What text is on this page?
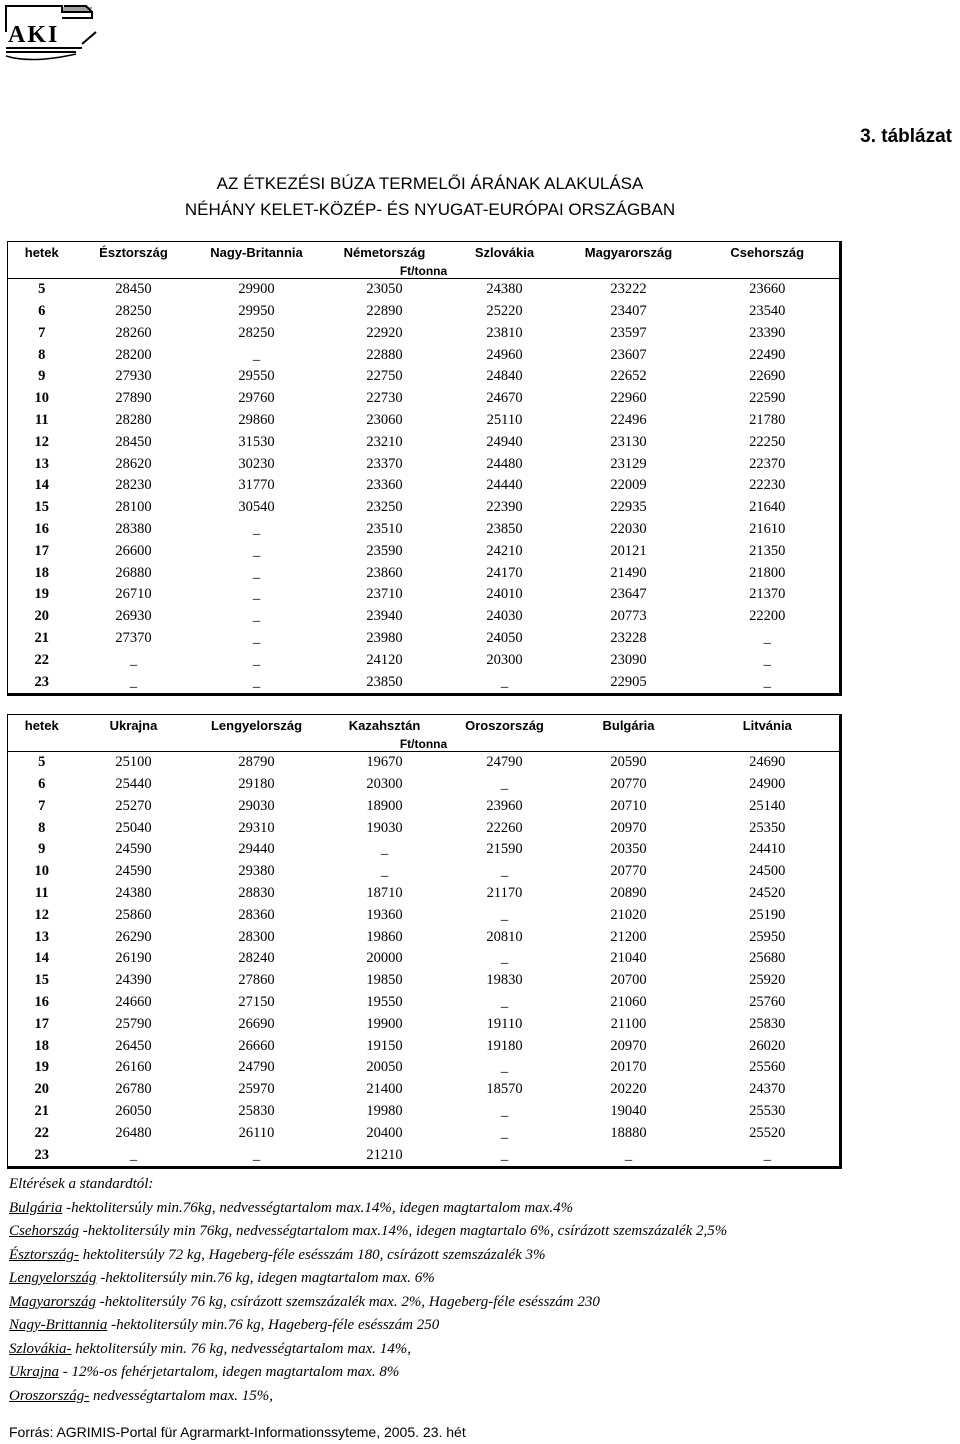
AKI
3. táblázat
AZ ÉTKEZÉSI BÚZA TERMELŐI ÁRÁNAK ALAKULÁSA
NÉHÁNY KELET-KÖZÉP- ÉS NYUGAT-EURÓPAI ORSZÁGBAN
hetek	Észtország	Nagy-Britannia	Németország	Szlovákia	Magyarország	Csehország
Ft/tonna						
5	28450	29900	23050	24380	23222	23660
6	28250	29950	22890	25220	23407	23540
7	28260	28250	22920	23810	23597	23390
8	28200	_	22880	24960	23607	22490
9	27930	29550	22750	24840	22652	22690
10	27890	29760	22730	24670	22960	22590
11	28280	29860	23060	25110	22496	21780
12	28450	31530	23210	24940	23130	22250
13	28620	30230	23370	24480	23129	22370
14	28230	31770	23360	24440	22009	22230
15	28100	30540	23250	22390	22935	21640
16	28380	_	23510	23850	22030	21610
17	26600	_	23590	24210	20121	21350
18	26880	_	23860	24170	21490	21800
19	26710	_	23710	24010	23647	21370
20	26930	_	23940	24030	20773	22200
21	27370	_	23980	24050	23228	_
22	_	_	24120	20300	23090	_
23	_	_	23850	_	22905	_
hetek	Ukrajna	Lengyelország	Kazahsztán	Oroszország	Bulgária	Litvánia
Ft/tonna						
5	25100	28790	19670	24790	20590	24690
6	25440	29180	20300	_	20770	24900
7	25270	29030	18900	23960	20710	25140
8	25040	29310	19030	22260	20970	25350
9	24590	29440	_	21590	20350	24410
10	24590	29380	_	_	20770	24500
11	24380	28830	18710	21170	20890	24520
12	25860	28360	19360	_	21020	25190
13	26290	28300	19860	20810	21200	25950
14	26190	28240	20000	_	21040	25680
15	24390	27860	19850	19830	20700	25920
16	24660	27150	19550	_	21060	25760
17	25790	26690	19900	19110	21100	25830
18	26450	26660	19150	19180	20970	26020
19	26160	24790	20050	_	20170	25560
20	26780	25970	21400	18570	20220	24370
21	26050	25830	19980	_	19040	25530
22	26480	26110	20400	_	18880	25520
23	_	_	21210	_	_	_
Eltérések a standardtól:
Bulgária -hektolitersúly min.76kg, nedvességtartalom max.14%, idegen magtartalom max.4%
Csehország -hektolitersúly min 76kg, nedvességtartalom max.14%, idegen magtartalo 6%, csírázott szemszázalék 2,5%
Észtország- hektolitersúly 72 kg, Hageberg-féle esésszám 180, csírázott szemszázalék 3%
Lengyelország -hektolitersúly min.76 kg, idegen magtartalom max. 6%
Magyarország -hektolitersúly 76 kg, csírázott szemszázalék max. 2%, Hageberg-féle esésszám 230
Nagy-Brittannia -hektolitersúly min.76 kg, Hageberg-féle esésszám 250
Szlovákia- hektolitersúly min. 76 kg, nedvességtartalom max. 14%,
Ukrajna - 12%-os fehérjetartalom, idegen magtartalom max. 8%
Oroszország- nedvességtartalom max. 15%,
Forrás: AGRIMIS-Portal für Agrarmarkt-Informationssyteme, 2005. 23. hét
